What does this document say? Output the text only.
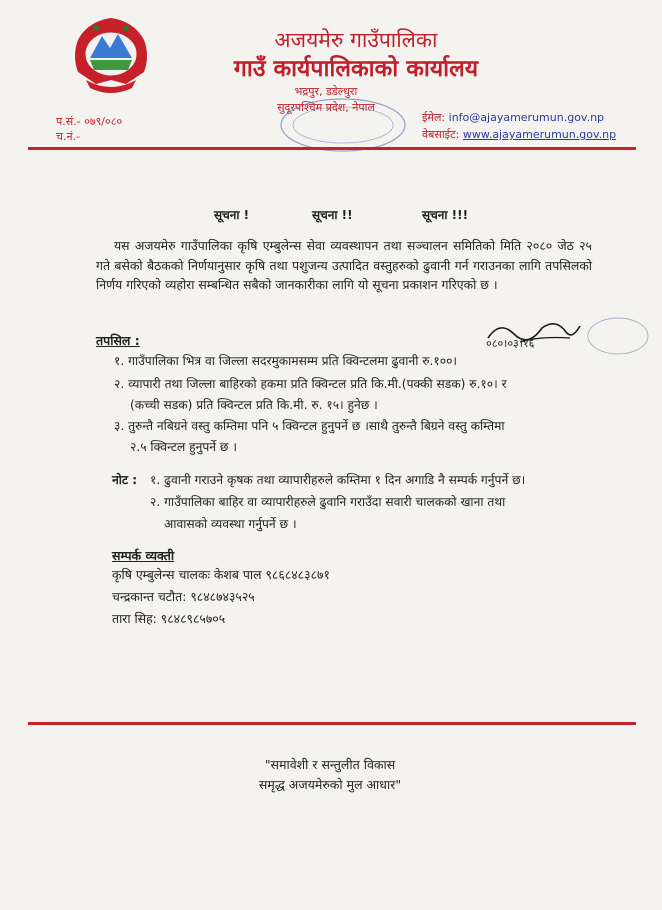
अजयमेरु गाउँपालिका
गाउँ कार्यपालिकाको कार्यालय
भद्रपुर, डडेल्धुरा
सुदूरपश्चिम प्रदेश, नेपाल
प.सं.- ०७९/०८०
च.नं.-
ईमेल: info@ajayamerumun.gov.np
वेबसाईट: www.ajayamerumun.gov.np
सूचना !	सूचना !!	सूचना !!!

यस अजयमेरु गाउँपालिका कृषि एम्बुलेन्स सेवा व्यवस्थापन तथा सञ्चालन समितिको मिति २०८० जेठ २५ गते बसेको बैठकको निर्णयानुसार कृषि तथा पशुजन्य उत्पादित वस्तुहरुको ढुवानी गर्न गराउनका लागि तपसिलको निर्णय गरिएको व्यहोरा सम्बन्धित सबैको जानकारीका लागि यो सूचना प्रकाशन गरिएको छ ।

०८०।०३।१६
तपसिल :
१. गाउँपालिका भित्र वा जिल्ला सदरमुकामसम्म प्रति क्विन्टलमा ढुवानी रु.१००।
२. व्यापारी तथा जिल्ला बाहिरको हकमा प्रति क्विन्टल प्रति कि.मी.(पक्की सडक) रु.१०। र
(कच्ची सडक) प्रति क्विन्टल प्रति कि.मी. रु. १५। हुनेछ ।
३. तुरुन्तै नबिग्रने वस्तु कम्तिमा पनि ५ क्विन्टल हुनुपर्ने छ ।साथै तुरुन्तै बिग्रने वस्तु कम्तिमा
२.५ क्विन्टल हुनुपर्ने छ ।
नोट : १. ढुवानी गराउने कृषक तथा व्यापारीहरुले कम्तिमा १ दिन अगाडि नै सम्पर्क गर्नुपर्ने छ।
२. गाउँपालिका बाहिर वा व्यापारीहरुले ढुवानि गराउँदा सवारी चालकको खाना तथा
आवासको व्यवस्था गर्नुपर्ने छ ।
सम्पर्क व्यक्ती
कृषि एम्बुलेन्स चालकः केशब पाल ९८६८४८३८७१
चन्द्रकान्त चटौत: ९८४८७४३५२५
तारा सिह: ९८४८९८५७०५
"समावेशी र सन्तुलीत विकास
समृद्ध अजयमेरुको मुल आधार"
